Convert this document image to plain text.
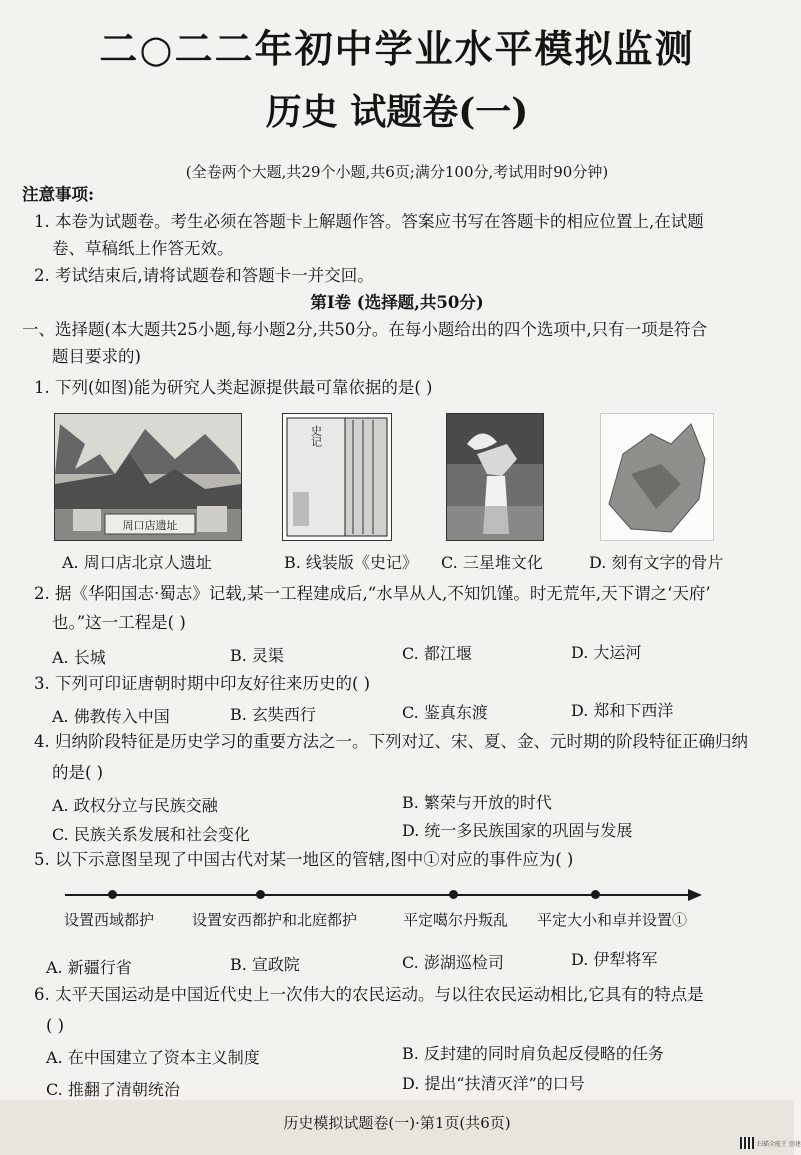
二○二二年初中学业水平模拟监测
历史 试题卷(一)
(全卷两个大题,共29个小题,共6页;满分100分,考试用时90分钟)
注意事项:
1. 本卷为试题卷。考生必须在答题卡上解题作答。答案应书写在答题卡的相应位置上,在试题
卷、草稿纸上作答无效。
2. 考试结束后,请将试题卷和答题卡一并交回。
第Ⅰ卷 (选择题,共50分)
一、选择题(本大题共25小题,每小题2分,共50分。在每小题给出的四个选项中,只有一项是符合
题目要求的)
1. 下列(如图)能为研究人类起源提供最可靠依据的是( )
周口店遗址
史记
A. 周口店北京人遗址	B. 线装版《史记》 C. 三星堆文化	D. 刻有文字的骨片
2. 据《华阳国志·蜀志》记载,某一工程建成后,“水旱从人,不知饥馑。时无荒年,天下谓之‘天府’
也。”这一工程是( )
A. 长城	B. 灵渠	C. 都江堰	D. 大运河
3. 下列可印证唐朝时期中印友好往来历史的( )
A. 佛教传入中国	B. 玄奘西行	C. 鉴真东渡	D. 郑和下西洋
4. 归纳阶段特征是历史学习的重要方法之一。下列对辽、宋、夏、金、元时期的阶段特征正确归纳
的是( )
A. 政权分立与民族交融	B. 繁荣与开放的时代
C. 民族关系发展和社会变化	D. 统一多民族国家的巩固与发展
5. 以下示意图呈现了中国古代对某一地区的管辖,图中①对应的事件应为( )
设置西域都护	设置安西都护和北庭都护	平定噶尔丹叛乱 平定大小和卓并设置①
A. 新疆行省	B. 宣政院	C. 澎湖巡检司	D. 伊犁将军
6. 太平天国运动是中国近代史上一次伟大的农民运动。与以往农民运动相比,它具有的特点是
( )
A. 在中国建立了资本主义制度	B. 反封建的同时肩负起反侵略的任务
C. 推翻了清朝统治	D. 提出“扶清灭洋”的口号
历史模拟试题卷(一)·第1页(共6页)
扫描全能王 创建
